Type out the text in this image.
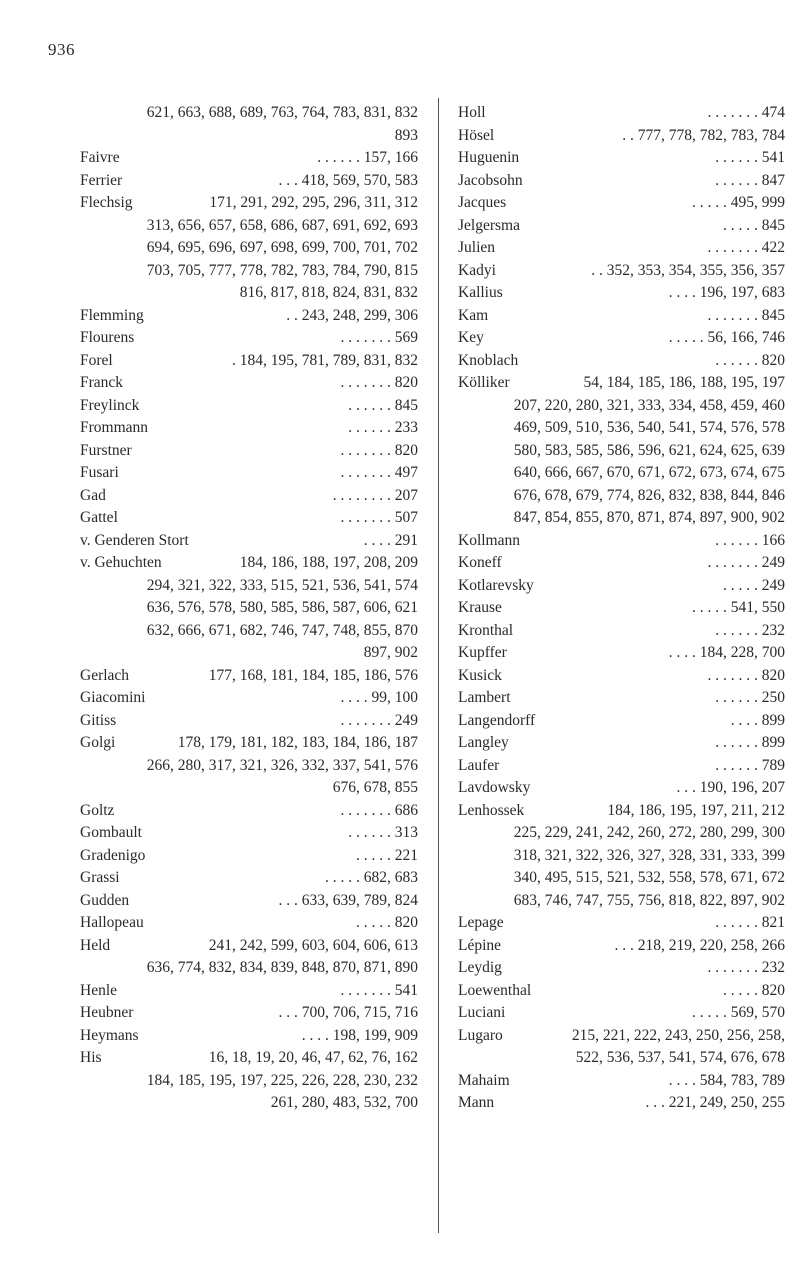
936
621, 663, 688, 689, 763, 764, 783, 831, 832
893
Faivre	. . . . . . 157, 166
Ferrier	. . . 418, 569, 570, 583
Flechsig	171, 291, 292, 295, 296, 311, 312
313, 656, 657, 658, 686, 687, 691, 692, 693
694, 695, 696, 697, 698, 699, 700, 701, 702
703, 705, 777, 778, 782, 783, 784, 790, 815
816, 817, 818, 824, 831, 832
Flemming	. . 243, 248, 299, 306
Flourens	. . . . . . . 569
Forel	. 184, 195, 781, 789, 831, 832
Franck	. . . . . . . 820
Freylinck	. . . . . . 845
Frommann	. . . . . . 233
Furstner	. . . . . . . 820
Fusari	. . . . . . . 497
Gad	. . . . . . . . 207
Gattel	. . . . . . . 507
v. Genderen Stort	. . . . 291
v. Gehuchten	184, 186, 188, 197, 208, 209
294, 321, 322, 333, 515, 521, 536, 541, 574
636, 576, 578, 580, 585, 586, 587, 606, 621
632, 666, 671, 682, 746, 747, 748, 855, 870
897, 902
Gerlach	177, 168, 181, 184, 185, 186, 576
Giacomini	. . . . 99, 100
Gitiss	. . . . . . . 249
Golgi	178, 179, 181, 182, 183, 184, 186, 187
266, 280, 317, 321, 326, 332, 337, 541, 576
676, 678, 855
Goltz	. . . . . . . 686
Gombault	. . . . . . 313
Gradenigo	. . . . . 221
Grassi	. . . . . 682, 683
Gudden	. . . 633, 639, 789, 824
Hallopeau	. . . . . 820
Held	241, 242, 599, 603, 604, 606, 613
636, 774, 832, 834, 839, 848, 870, 871, 890
Henle	. . . . . . . 541
Heubner	. . . 700, 706, 715, 716
Heymans	. . . . 198, 199, 909
His	16, 18, 19, 20, 46, 47, 62, 76, 162
184, 185, 195, 197, 225, 226, 228, 230, 232
261, 280, 483, 532, 700
Holl	. . . . . . . 474
Hösel	. . 777, 778, 782, 783, 784
Huguenin	. . . . . . 541
Jacobsohn	. . . . . . 847
Jacques	. . . . . 495, 999
Jelgersma	. . . . . 845
Julien	. . . . . . . 422
Kadyi	. . 352, 353, 354, 355, 356, 357
Kallius	. . . . 196, 197, 683
Kam	. . . . . . . 845
Key	. . . . . 56, 166, 746
Knoblach	. . . . . . 820
Kölliker	54, 184, 185, 186, 188, 195, 197
207, 220, 280, 321, 333, 334, 458, 459, 460
469, 509, 510, 536, 540, 541, 574, 576, 578
580, 583, 585, 586, 596, 621, 624, 625, 639
640, 666, 667, 670, 671, 672, 673, 674, 675
676, 678, 679, 774, 826, 832, 838, 844, 846
847, 854, 855, 870, 871, 874, 897, 900, 902
Kollmann	. . . . . . 166
Koneff	. . . . . . . 249
Kotlarevsky	. . . . . 249
Krause	. . . . . 541, 550
Kronthal	. . . . . . 232
Kupffer	. . . . 184, 228, 700
Kusick	. . . . . . . 820
Lambert	. . . . . . 250
Langendorff	. . . . 899
Langley	. . . . . . 899
Laufer	. . . . . . 789
Lavdowsky	. . . 190, 196, 207
Lenhossek	184, 186, 195, 197, 211, 212
225, 229, 241, 242, 260, 272, 280, 299, 300
318, 321, 322, 326, 327, 328, 331, 333, 399
340, 495, 515, 521, 532, 558, 578, 671, 672
683, 746, 747, 755, 756, 818, 822, 897, 902
Lepage	. . . . . . 821
Lépine	. . . 218, 219, 220, 258, 266
Leydig	. . . . . . . 232
Loewenthal	. . . . . 820
Luciani	. . . . . 569, 570
Lugaro	215, 221, 222, 243, 250, 256, 258,
522, 536, 537, 541, 574, 676, 678
Mahaim	. . . . 584, 783, 789
Mann	. . . 221, 249, 250, 255
